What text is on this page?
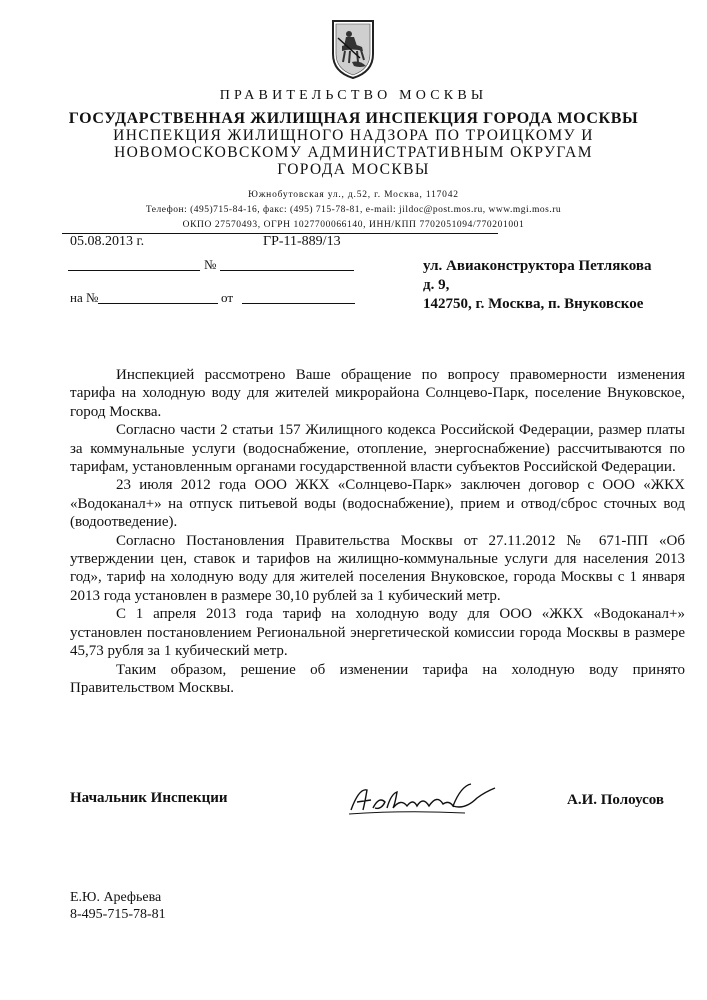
ПРАВИТЕЛЬСТВО МОСКВЫ
ГОСУДАРСТВЕННАЯ ЖИЛИЩНАЯ ИНСПЕКЦИЯ ГОРОДА МОСКВЫ
ИНСПЕКЦИЯ ЖИЛИЩНОГО НАДЗОРА ПО ТРОИЦКОМУ И
НОВОМОСКОВСКОМУ АДМИНИСТРАТИВНЫМ ОКРУГАМ
ГОРОДА МОСКВЫ
Южнобутовская ул., д.52, г. Москва, 117042
Телефон: (495)715-84-16, факс: (495) 715-78-81, e-mail: jildoc@post.mos.ru, www.mgi.mos.ru
ОКПО 27570493, ОГРН 1027700066140, ИНН/КПП 7702051094/770201001
05.08.2013 г.	ГР-11-889/13
№
на №	от
ул. Авиаконструктора Петлякова
д. 9,
142750, г. Москва, п. Внуковское

Инспекцией рассмотрено Ваше обращение по вопросу правомерности изменения тарифа на холодную воду для жителей микрорайона Солнцево-Парк, поселение Внуковское, город Москва.

Согласно части 2 статьи 157 Жилищного кодекса Российской Федерации, размер платы за коммунальные услуги (водоснабжение, отопление, энергоснабжение) рассчитываются по тарифам, установленным органами государственной власти субъектов Российской Федерации.

23 июля 2012 года ООО ЖКХ «Солнцево-Парк» заключен договор с ООО «ЖКХ «Водоканал+» на отпуск питьевой воды (водоснабжение), прием и отвод/сброс сточных вод (водоотведение).

Согласно Постановления Правительства Москвы от 27.11.2012 № 671-ПП «Об утверждении цен, ставок и тарифов на жилищно-коммунальные услуги для населения 2013 год», тариф на холодную воду для жителей поселения Внуковское, города Москвы с 1 января 2013 года установлен в размере 30,10 рублей за 1 кубический метр.

С 1 апреля 2013 года тариф на холодную воду для ООО «ЖКХ «Водоканал+» установлен постановлением Региональной энергетической комиссии города Москвы в размере 45,73 рубля за 1 кубический метр.

Таким образом, решение об изменении тарифа на холодную воду принято Правительством Москвы.

Начальник Инспекции	А.И. Полоусов
Е.Ю. Арефьева
8-495-715-78-81
